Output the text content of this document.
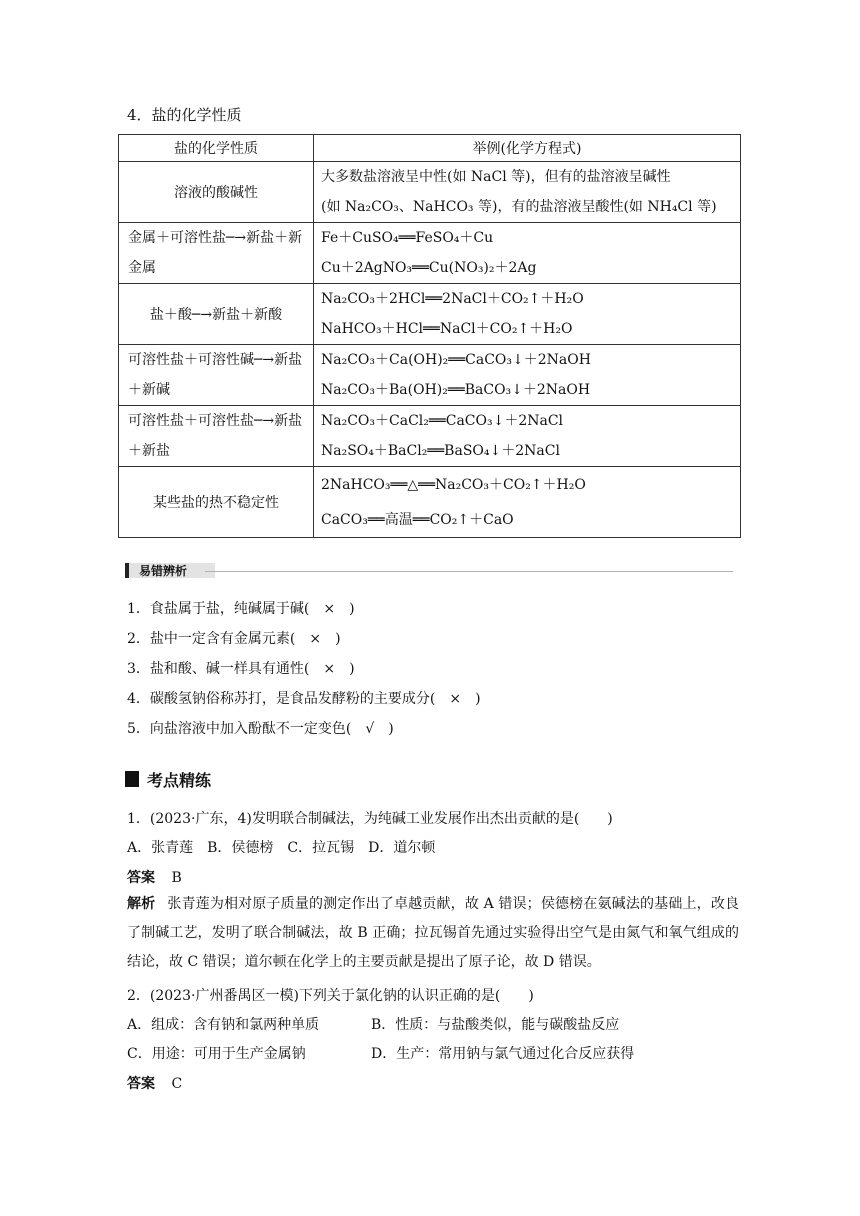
4．盐的化学性质
盐的化学性质	举例(化学方程式)
溶液的酸碱性	大多数盐溶液呈中性(如 NaCl 等)，但有的盐溶液呈碱性
(如 Na₂CO₃、NaHCO₃ 等)，有的盐溶液呈酸性(如 NH₄Cl 等)

金属＋可溶性盐─→新盐＋新金属	Fe＋CuSO₄══FeSO₄＋Cu
Cu＋2AgNO₃══Cu(NO₃)₂＋2Ag

盐＋酸─→新盐＋新酸	Na₂CO₃＋2HCl══2NaCl＋CO₂↑＋H₂O
NaHCO₃＋HCl══NaCl＋CO₂↑＋H₂O

可溶性盐＋可溶性碱─→新盐＋新碱	Na₂CO₃＋Ca(OH)₂══CaCO₃↓＋2NaOH
Na₂CO₃＋Ba(OH)₂══BaCO₃↓＋2NaOH

可溶性盐＋可溶性盐─→新盐＋新盐	Na₂CO₃＋CaCl₂══CaCO₃↓＋2NaCl
Na₂SO₄＋BaCl₂══BaSO₄↓＋2NaCl

某些盐的热不稳定性	2NaHCO₃══△══Na₂CO₃＋CO₂↑＋H₂O
CaCO₃══高温══CO₂↑＋CaO
易错辨析
1．食盐属于盐，纯碱属于碱(　×　)
2．盐中一定含有金属元素(　×　)
3．盐和酸、碱一样具有通性(　×　)
4．碳酸氢钠俗称苏打，是食品发酵粉的主要成分(　×　)
5．向盐溶液中加入酚酞不一定变色(　√　)
考点精练
1．(2023·广东，4)发明联合制碱法，为纯碱工业发展作出杰出贡献的是(　　)
A．张青莲　B．侯德榜　C．拉瓦锡　D．道尔顿
答案 B
解析 张青莲为相对原子质量的测定作出了卓越贡献，故 A 错误；侯德榜在氨碱法的基础上，改良了制碱工艺，发明了联合制碱法，故 B 正确；拉瓦锡首先通过实验得出空气是由氮气和氧气组成的结论，故 C 错误；道尔顿在化学上的主要贡献是提出了原子论，故 D 错误。
2．(2023·广州番禺区一模)下列关于氯化钠的认识正确的是(　　)
A．组成：含有钠和氯两种单质	B．性质：与盐酸类似，能与碳酸盐反应
C．用途：可用于生产金属钠	D．生产：常用钠与氯气通过化合反应获得
答案 C
